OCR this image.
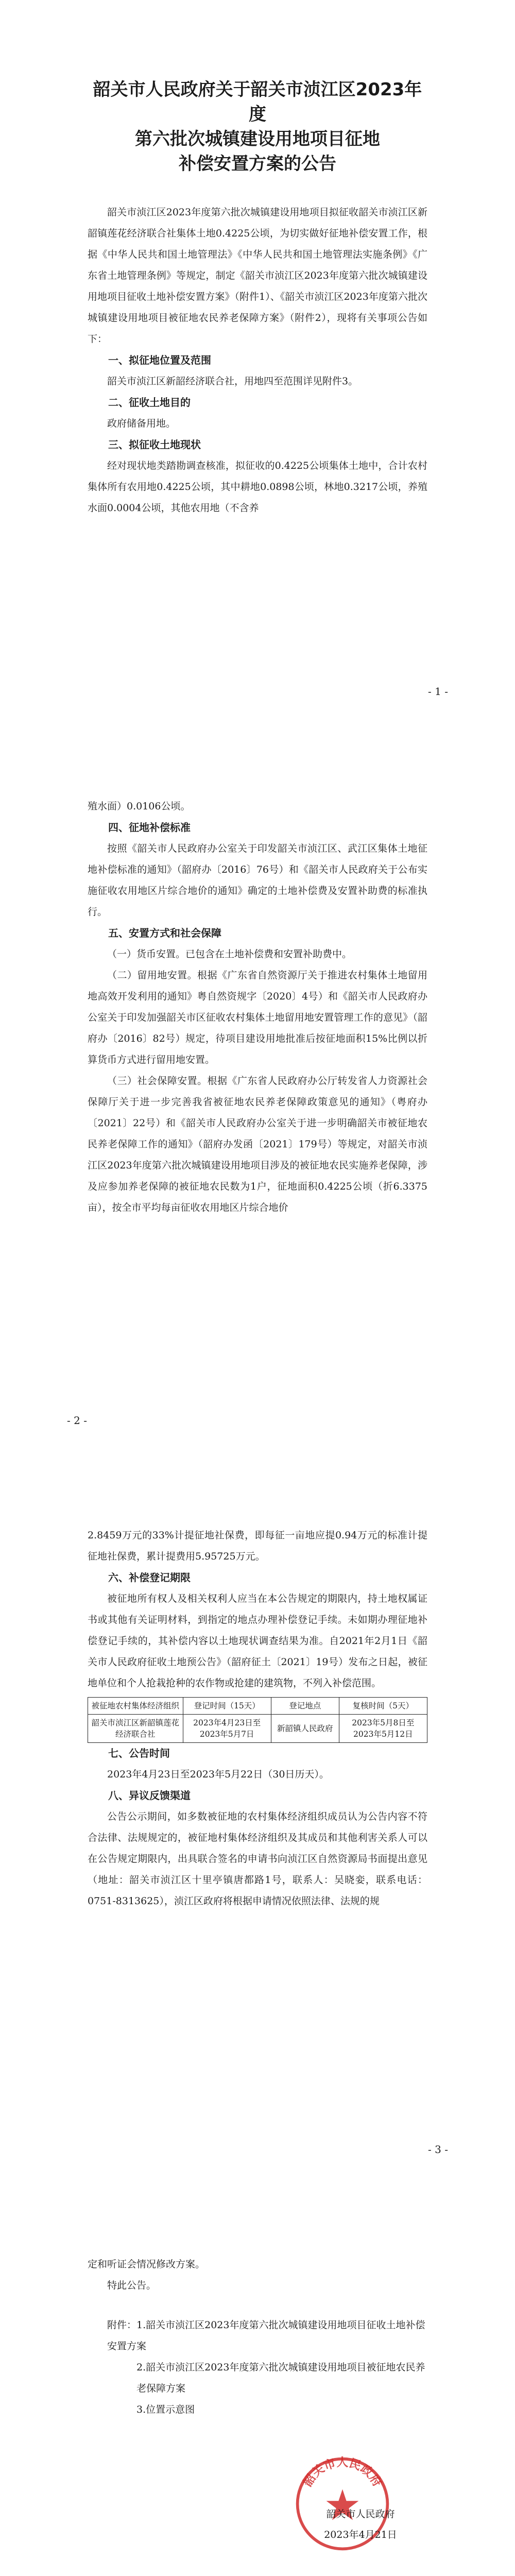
韶关市人民政府关于韶关市浈江区2023年度
第六批次城镇建设用地项目征地
补偿安置方案的公告

韶关市浈江区2023年度第六批次城镇建设用地项目拟征收韶关市浈江区新韶镇莲花经济联合社集体土地0.4225公顷，为切实做好征地补偿安置工作，根据《中华人民共和国土地管理法》《中华人民共和国土地管理法实施条例》《广东省土地管理条例》等规定，制定《韶关市浈江区2023年度第六批次城镇建设用地项目征收土地补偿安置方案》（附件1）、《韶关市浈江区2023年度第六批次城镇建设用地项目被征地农民养老保障方案》（附件2），现将有关事项公告如下：

一、拟征地位置及范围

韶关市浈江区新韶经济联合社，用地四至范围详见附件3。

二、征收土地目的

政府储备用地。

三、拟征收土地现状

经对现状地类踏勘调查核准，拟征收的0.4225公顷集体土地中，合计农村集体所有农用地0.4225公顷，其中耕地0.0898公顷，林地0.3217公顷，养殖水面0.0004公顷，其他农用地（不含养

- 1 -

殖水面）0.0106公顷。

四、征地补偿标准

按照《韶关市人民政府办公室关于印发韶关市浈江区、武江区集体土地征地补偿标准的通知》（韶府办〔2016〕76号）和《韶关市人民政府关于公布实施征收农用地区片综合地价的通知》确定的土地补偿费及安置补助费的标准执行。

五、安置方式和社会保障

（一）货币安置。已包含在土地补偿费和安置补助费中。

（二）留用地安置。根据《广东省自然资源厅关于推进农村集体土地留用地高效开发利用的通知》粤自然资规字〔2020〕4号）和《韶关市人民政府办公室关于印发加强韶关市区征收农村集体土地留用地安置管理工作的意见》（韶府办〔2016〕82号）规定，待项目建设用地批准后按征地面积15%比例以折算货币方式进行留用地安置。

（三）社会保障安置。根据《广东省人民政府办公厅转发省人力资源社会保障厅关于进一步完善我省被征地农民养老保障政策意见的通知》（粤府办〔2021〕22号）和《韶关市人民政府办公室关于进一步明确韶关市被征地农民养老保障工作的通知》（韶府办发函〔2021〕179号）等规定，对韶关市浈江区2023年度第六批次城镇建设用地项目涉及的被征地农民实施养老保障，涉及应参加养老保障的被征地农民数为1户，征地面积0.4225公顷（折6.3375亩），按全市平均每亩征收农用地区片综合地价

- 2 -

2.8459万元的33%计提征地社保费，即每征一亩地应提0.94万元的标准计提征地社保费，累计提费用5.95725万元。

六、补偿登记期限

被征地所有权人及相关权利人应当在本公告规定的期限内，持土地权属证书或其他有关证明材料，到指定的地点办理补偿登记手续。未如期办理征地补偿登记手续的，其补偿内容以土地现状调查结果为准。自2021年2月1日《韶关市人民政府征收土地预公告》（韶府征土〔2021〕19号）发布之日起，被征地单位和个人抢栽抢种的农作物或抢建的建筑物，不列入补偿范围。

被征地农村集体经济组织	登记时间（15天）	登记地点	复核时间（5天）
韶关市浈江区新韶镇莲花经济联合社	2023年4月23日至2023年5月7日	新韶镇人民政府	2023年5月8日至2023年5月12日

七、公告时间

2023年4月23日至2023年5月22日（30日历天）。

八、异议反馈渠道

公告公示期间，如多数被征地的农村集体经济组织成员认为公告内容不符合法律、法规规定的，被征地村集体经济组织及其成员和其他利害关系人可以在公告规定期限内，出具联合签名的申请书向浈江区自然资源局书面提出意见（地址：韶关市浈江区十里亭镇唐都路1号，联系人：吴晓娈，联系电话：0751-8313625），浈江区政府将根据申请情况依照法律、法规的规

- 3 -

定和听证会情况修改方案。

特此公告。

附件：1.韶关市浈江区2023年度第六批次城镇建设用地项目征收土地补偿安置方案

2.韶关市浈江区2023年度第六批次城镇建设用地项目被征地农民养老保障方案

3.位置示意图

韶关市人民政府
韶关市人民政府
2023年4月21日
